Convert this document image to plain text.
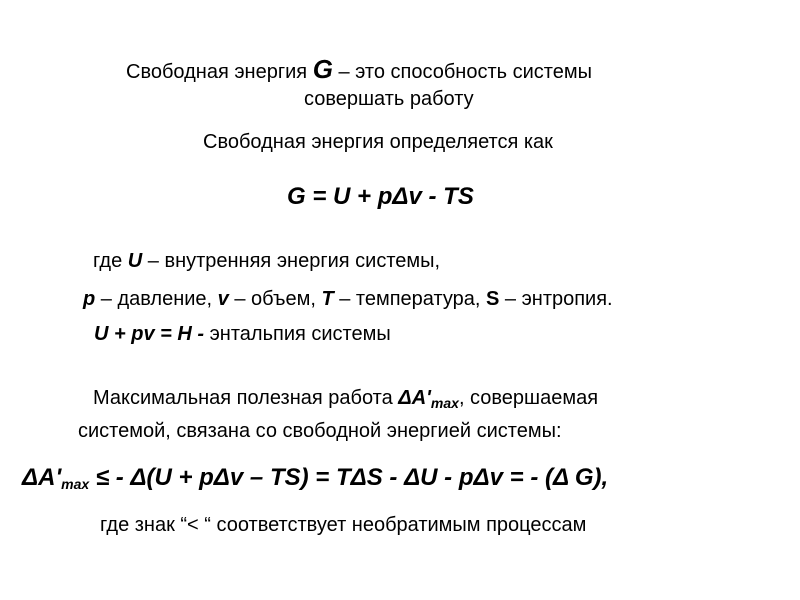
Свободная энергия G – это способность системы
совершать работу
Свободная энергия определяется как
G = U + pΔv - TS
где U – внутренняя энергия системы,
p – давление, v – объем, T – температура, S – энтропия.
U + pv = H - энтальпия системы
Максимальная полезная работа $\Delta A'_{max}$, совершаемая
системой, связана со свободной энергией системы:
$\Delta A'_{max}$ ≤ - Δ(U + pΔv – TS) = TΔS - ΔU - pΔv = - (Δ G),
где знак “< “ соответствует необратимым процессам
